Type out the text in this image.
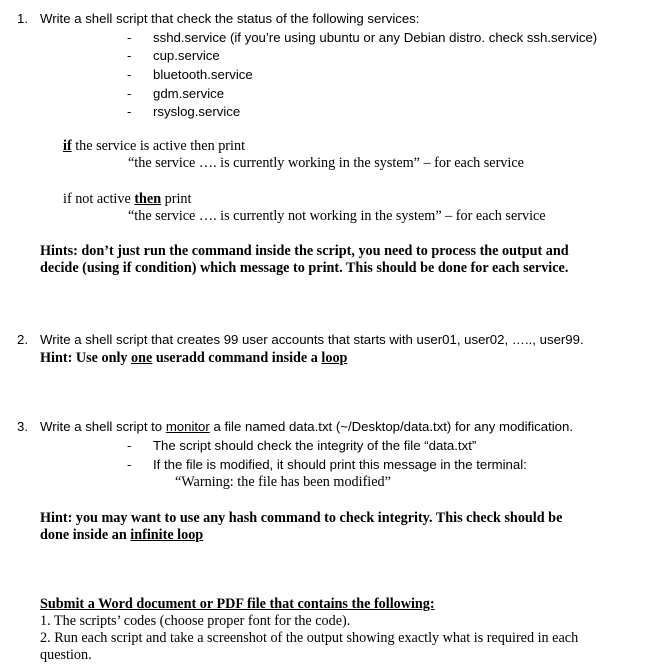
1. Write a shell script that check the status of the following services:
- sshd.service (if you’re using ubuntu or any Debian distro. check ssh.service)
- cup.service
- bluetooth.service
- gdm.service
- rsyslog.service
if the service is active then print
“the service …. is currently working in the system” – for each service
if not active then print
“the service …. is currently not working in the system” – for each service
Hints: don’t just run the command inside the script, you need to process the output and
decide (using if condition) which message to print. This should be done for each service.
2. Write a shell script that creates 99 user accounts that starts with user01, user02, ….., user99.
Hint: Use only one useradd command inside a loop
3. Write a shell script to monitor a file named data.txt (~/Desktop/data.txt) for any modification.
- The script should check the integrity of the file “data.txt”
- If the file is modified, it should print this message in the terminal:
“Warning: the file has been modified”
Hint: you may want to use any hash command to check integrity. This check should be
done inside an infinite loop
Submit a Word document or PDF file that contains the following:
1. The scripts’ codes (choose proper font for the code).
2. Run each script and take a screenshot of the output showing exactly what is required in each
question.
